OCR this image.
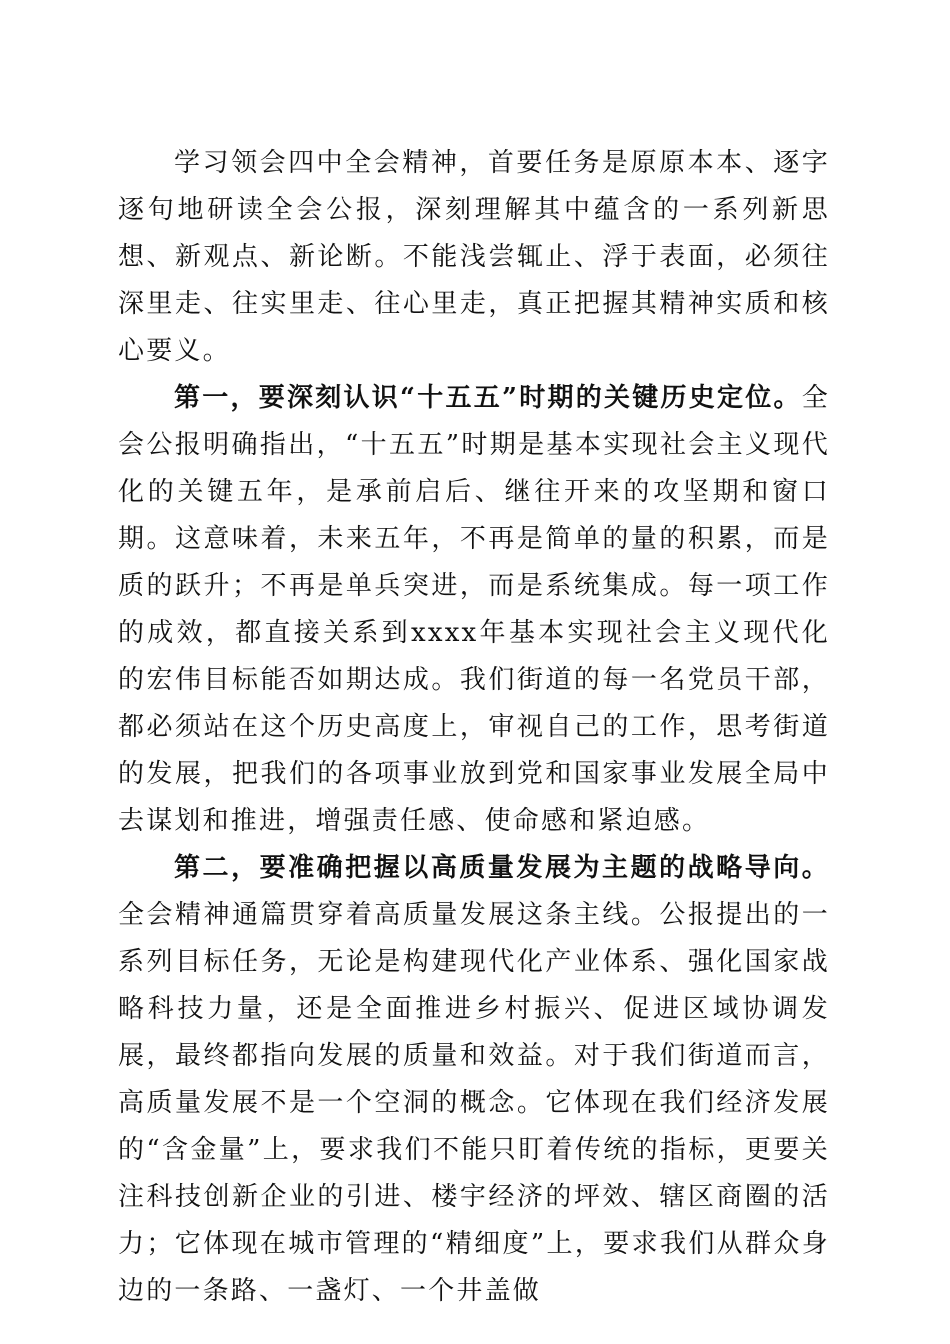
学习领会四中全会精神，首要任务是原原本本、逐字逐句地研读全会公报，深刻理解其中蕴含的一系列新思想、新观点、新论断。不能浅尝辄止、浮于表面，必须往深里走、往实里走、往心里走，真正把握其精神实质和核心要义。

第一，要深刻认识“十五五”时期的关键历史定位。全会公报明确指出，“十五五”时期是基本实现社会主义现代化的关键五年，是承前启后、继往开来的攻坚期和窗口期。这意味着，未来五年，不再是简单的量的积累，而是质的跃升；不再是单兵突进，而是系统集成。每一项工作的成效，都直接关系到xxxx年基本实现社会主义现代化的宏伟目标能否如期达成。我们街道的每一名党员干部，都必须站在这个历史高度上，审视自己的工作，思考街道的发展，把我们的各项事业放到党和国家事业发展全局中去谋划和推进，增强责任感、使命感和紧迫感。

第二，要准确把握以高质量发展为主题的战略导向。全会精神通篇贯穿着高质量发展这条主线。公报提出的一系列目标任务，无论是构建现代化产业体系、强化国家战略科技力量，还是全面推进乡村振兴、促进区域协调发展，最终都指向发展的质量和效益。对于我们街道而言，高质量发展不是一个空洞的概念。它体现在我们经济发展的“含金量”上，要求我们不能只盯着传统的指标，更要关注科技创新企业的引进、楼宇经济的坪效、辖区商圈的活力；它体现在城市管理的“精细度”上，要求我们从群众身边的一条路、一盏灯、一个井盖做
